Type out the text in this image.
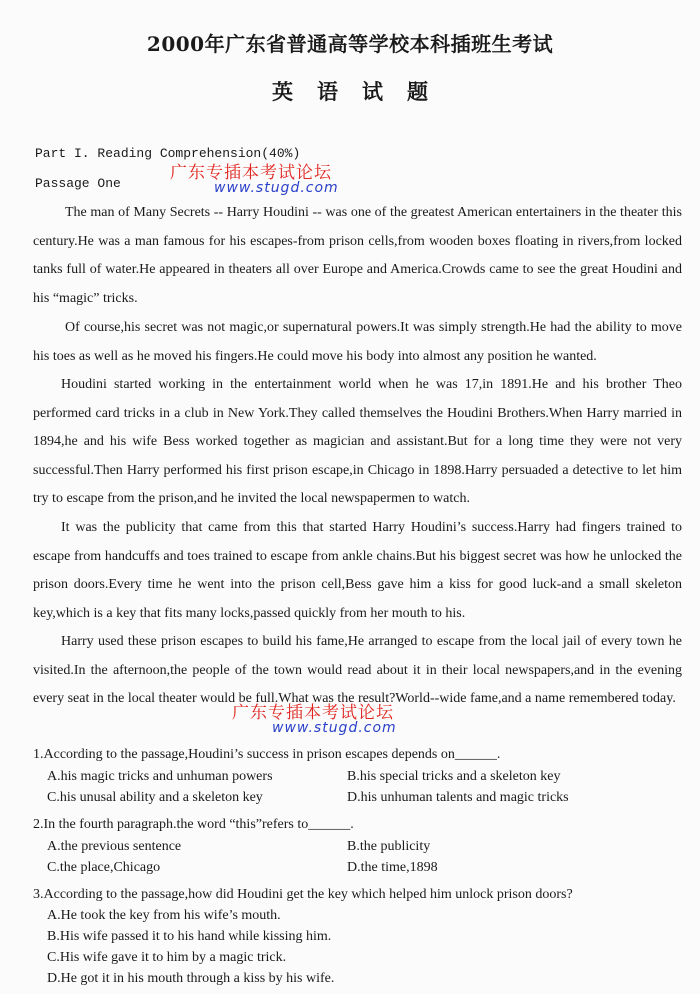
2000年广东省普通高等学校本科插班生考试
英语试题
Part I. Reading Comprehension(40%)
Passage One
广东专插本考试论坛
www.stugd.com

The man of Many Secrets -- Harry Houdini -- was one of the greatest American entertainers in the theater this century.He was a man famous for his escapes-from prison cells,from wooden boxes floating in rivers,from locked tanks full of water.He appeared in theaters all over Europe and America.Crowds came to see the great Houdini and his “magic” tricks.

Of course,his secret was not magic,or supernatural powers.It was simply strength.He had the ability to move his toes as well as he moved his fingers.He could move his body into almost any position he wanted.

Houdini started working in the entertainment world when he was 17,in 1891.He and his brother Theo performed card tricks in a club in New York.They called themselves the Houdini Brothers.When Harry married in 1894,he and his wife Bess worked together as magician and assistant.But for a long time they were not very successful.Then Harry performed his first prison escape,in Chicago in 1898.Harry persuaded a detective to let him try to escape from the prison,and he invited the local newspapermen to watch.

It was the publicity that came from this that started Harry Houdini’s success.Harry had fingers trained to escape from handcuffs and toes trained to escape from ankle chains.But his biggest secret was how he unlocked the prison doors.Every time he went into the prison cell,Bess gave him a kiss for good luck-and a small skeleton key,which is a key that fits many locks,passed quickly from her mouth to his.

Harry used these prison escapes to build his fame,He arranged to escape from the local jail of every town he visited.In the afternoon,the people of the town would read about it in their local newspapers,and in the evening every seat in the local theater would be full.What was the result?World--wide fame,and a name remembered today.

广东专插本考试论坛
www.stugd.com
1.According to the passage,Houdini’s success in prison escapes depends on______.
A.his magic tricks and unhuman powers	B.his special tricks and a skeleton key
C.his unusal ability and a skeleton key	D.his unhuman talents and magic tricks
2.In the fourth paragraph.the word “this”refers to______.
A.the previous sentence	B.the publicity
C.the place,Chicago	D.the time,1898
3.According to the passage,how did Houdini get the key which helped him unlock prison doors?
A.He took the key from his wife’s mouth.
B.His wife passed it to his hand while kissing him.
C.His wife gave it to him by a magic trick.
D.He got it in his mouth through a kiss by his wife.
